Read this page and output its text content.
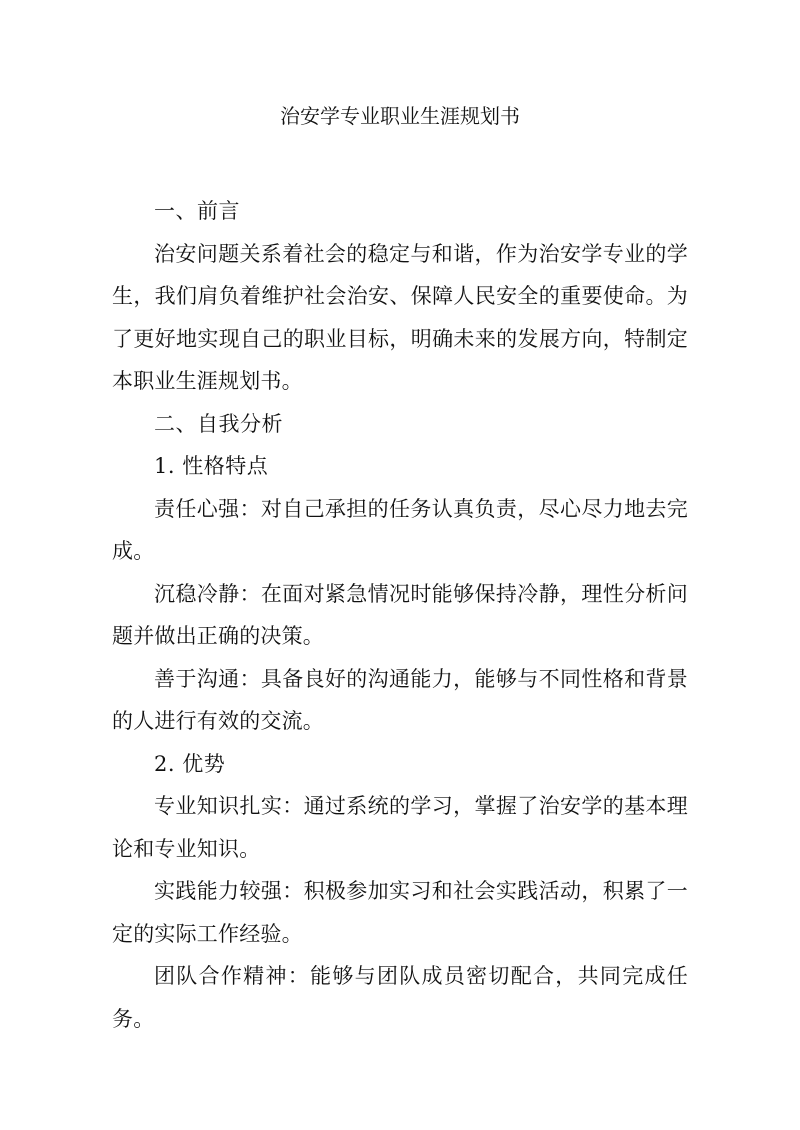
治安学专业职业生涯规划书

一、前言

治安问题关系着社会的稳定与和谐，作为治安学专业的学生，我们肩负着维护社会治安、保障人民安全的重要使命。为了更好地实现自己的职业目标，明确未来的发展方向，特制定本职业生涯规划书。

二、自我分析

1. 性格特点

责任心强：对自己承担的任务认真负责，尽心尽力地去完成。

沉稳冷静：在面对紧急情况时能够保持冷静，理性分析问题并做出正确的决策。

善于沟通：具备良好的沟通能力，能够与不同性格和背景的人进行有效的交流。

2. 优势

专业知识扎实：通过系统的学习，掌握了治安学的基本理论和专业知识。

实践能力较强：积极参加实习和社会实践活动，积累了一定的实际工作经验。

团队合作精神：能够与团队成员密切配合，共同完成任务。
